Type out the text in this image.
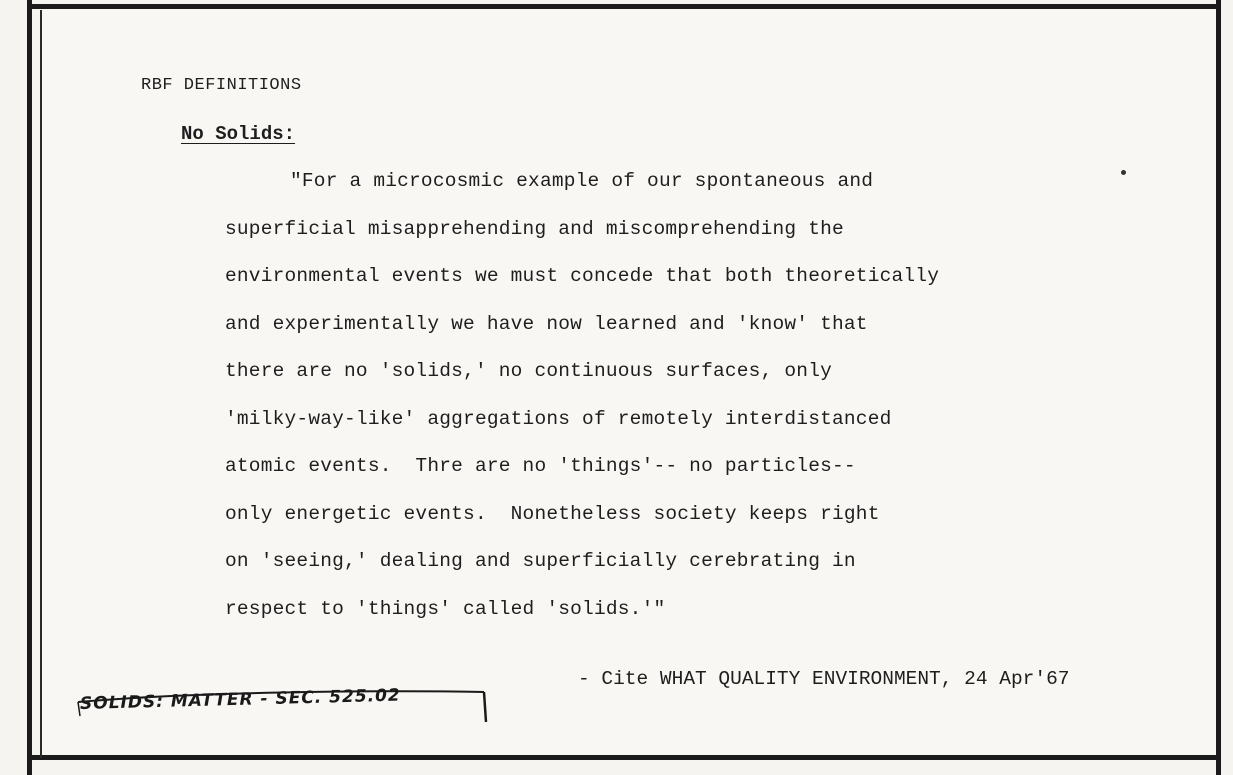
RBF DEFINITIONS
No Solids:
"For a microcosmic example of our spontaneous and
superficial misapprehending and miscomprehending the
environmental events we must concede that both theoretically
and experimentally we have now learned and 'know' that
there are no 'solids,' no continuous surfaces, only
'milky-way-like' aggregations of remotely interdistanced
atomic events.  Thre are no 'things'-- no particles--
only energetic events.  Nonetheless society keeps right
on 'seeing,' dealing and superficially cerebrating in
respect to 'things' called 'solids.'"
- Cite WHAT QUALITY ENVIRONMENT, 24 Apr'67
SOLIDS: MATTER - SEC. 525.02
